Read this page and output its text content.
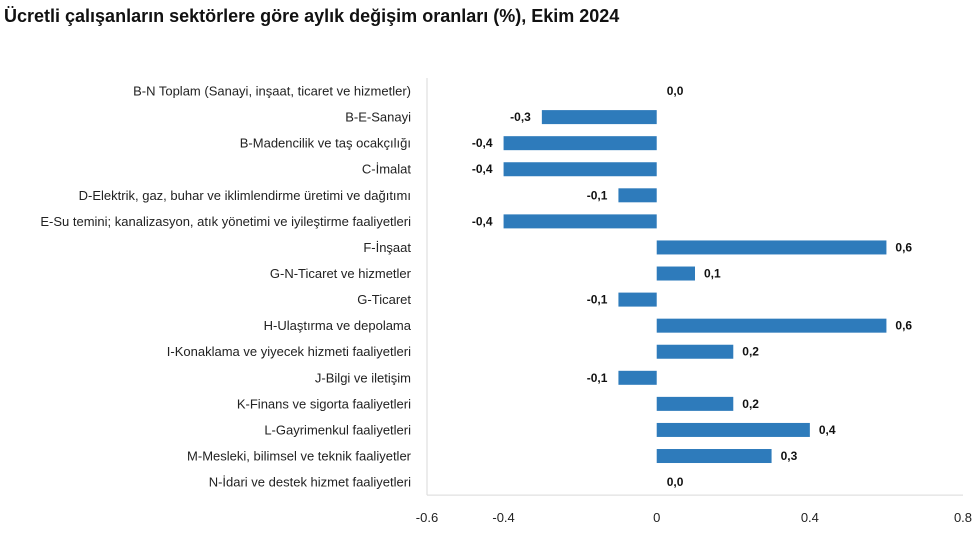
Ücretli çalışanların sektörlere göre aylık değişim oranları (%), Ekim 2024
-0.6	-0.4	0	0.4	0.8
B-N Toplam (Sanayi, inşaat, ticaret ve hizmetler)	0,0
B-E-Sanayi	-0,3
B-Madencilik ve taş ocakçılığı	-0,4
C-İmalat	-0,4
D-Elektrik, gaz, buhar ve iklimlendirme üretimi ve dağıtımı	-0,1
E-Su temini; kanalizasyon, atık yönetimi ve iyileştirme faaliyetleri	-0,4
F-İnşaat	0,6
G-N-Ticaret ve hizmetler	0,1
G-Ticaret	-0,1
H-Ulaştırma ve depolama	0,6
I-Konaklama ve yiyecek hizmeti faaliyetleri	0,2
J-Bilgi ve iletişim	-0,1
K-Finans ve sigorta faaliyetleri	0,2
L-Gayrimenkul faaliyetleri	0,4
M-Mesleki, bilimsel ve teknik faaliyetler	0,3
N-İdari ve destek hizmet faaliyetleri	0,0
